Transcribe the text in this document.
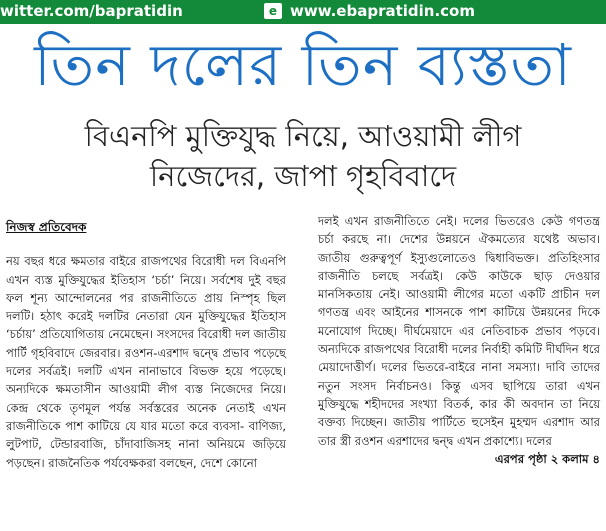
witter.com/bapratidin	e www.ebapratidin.com
তিন দলের তিন ব্যস্ততা
বিএনপি মুক্তিযুদ্ধ নিয়ে, আওয়ামী লীগ
নিজেদের, জাপা গৃহবিবাদে
নিজস্ব প্রতিবেদক

নয় বছর ধরে ক্ষমতার বাইরে রাজপথের বিরোধী দল বিএনপি এখন ব্যস্ত মুক্তিযুদ্ধের ইতিহাস ‘চর্চা’ নিয়ে। সর্বশেষ দুই বছর ফল শূন্য আন্দোলনের পর রাজনীতিতে প্রায় নিস্পৃহ ছিল দলটি। হঠাৎ করেই দলটির নেতারা যেন মুক্তিযুদ্ধের ইতিহাস ‘চর্চায়’ প্রতিযোগিতায় নেমেছেন। সংসদের বিরোধী দল জাতীয় পার্টি গৃহবিবাদে জেরবার। রওশন-এরশাদ দ্বন্দ্বে প্রভাব পড়েছে দলের সর্বত্রই। দলটি এখন নানাভাবে বিভক্ত হয়ে পড়েছে। অন্যদিকে ক্ষমতাসীন আওয়ামী লীগ ব্যস্ত নিজেদের নিয়ে। কেন্দ্র থেকে তৃণমূল পর্যন্ত সর্বস্তরের অনেক নেতাই এখন রাজনীতিকে পাশ কাটিয়ে যে যার মতো করে ব্যবসা- বাণিজ্য, লুটপাট, টেন্ডারবাজি, চাঁদাবাজিসহ নানা অনিয়মে জড়িয়ে পড়ছেন। রাজনৈতিক পর্যবেক্ষকরা বলছেন, দেশে কোনো

দলই এখন রাজনীতিতে নেই। দলের ভিতরেও কেউ গণতন্ত্র চর্চা করছে না। দেশের উন্নয়নে ঐকমত্যের যথেষ্ট অভাব। জাতীয় গুরুত্বপূর্ণ ইস্যুগুলোতেও দ্বিধাবিভক্ত। প্রতিহিংসার রাজনীতি চলছে সর্বত্রই। কেউ কাউকে ছাড় দেওয়ার মানসিকতায় নেই। আওয়ামী লীগের মতো একটি প্রাচীন দল গণতন্ত্র এবং আইনের শাসনকে পাশ কাটিয়ে উন্নয়নের দিকে মনোযোগ দিচ্ছে। দীর্ঘমেয়াদে এর নেতিবাচক প্রভাব পড়বে। অন্যদিকে রাজপথের বিরোধী দলের নির্বাহী কমিটি দীর্ঘদিন ধরে মেয়াদোত্তীর্ণ। দলের ভিতরে-বাইরে নানা সমস্যা। দাবি তাদের নতুন সংসদ নির্বাচনও। কিন্তু এসব ছাপিয়ে তারা এখন মুক্তিযুদ্ধে শহীদদের সংখ্যা বিতর্ক, কার কী অবদান তা নিয়ে বক্তব্য দিচ্ছেন। জাতীয় পার্টিতে হুসেইন মুহম্মদ এরশাদ আর তার স্ত্রী রওশন এরশাদের দ্বন্দ্ব এখন প্রকাশ্যে। দলের

এরপর পৃষ্ঠা ২ কলাম ৪
